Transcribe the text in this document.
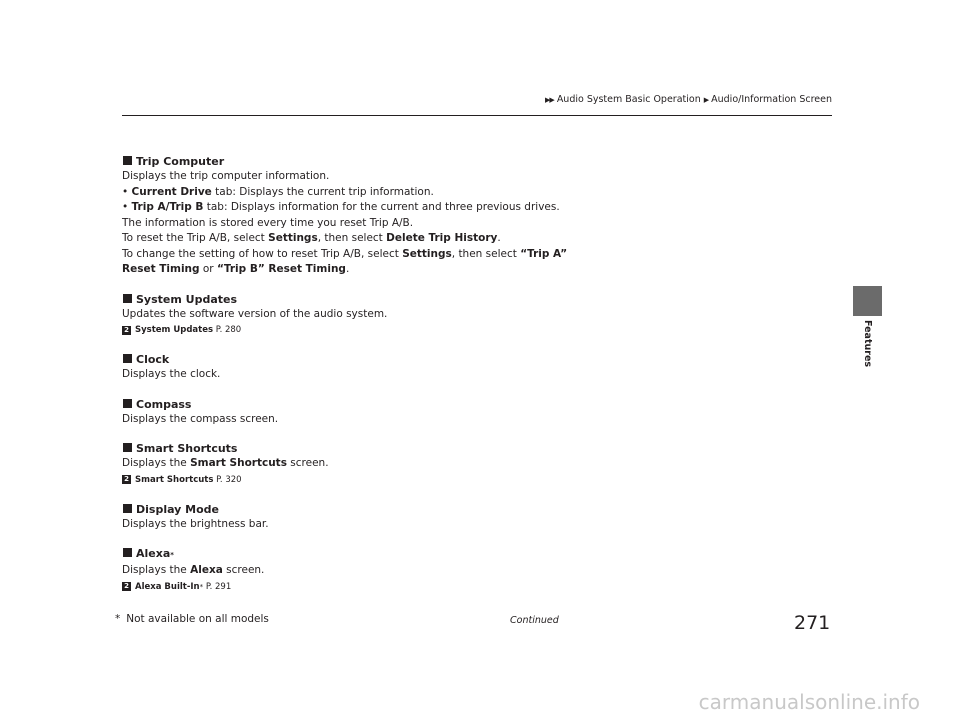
▶▶ Audio System Basic Operation ▶ Audio/Information Screen
Features
Trip Computer
Displays the trip computer information.
• Current Drive tab: Displays the current trip information.
• Trip A/Trip B tab: Displays information for the current and three previous drives.
The information is stored every time you reset Trip A/B.
To reset the Trip A/B, select Settings, then select Delete Trip History.
To change the setting of how to reset Trip A/B, select Settings, then select “Trip A”
Reset Timing or “Trip B” Reset Timing.
System Updates
Updates the software version of the audio system.
2 System Updates
P. 280
Clock
Displays the clock.
Compass
Displays the compass screen.
Smart Shortcuts
Displays the Smart Shortcuts screen.
2 Smart Shortcuts
P. 320
Display Mode
Displays the brightness bar.
Alexa *
Displays the Alexa screen.
2 Alexa Built-In *
P. 291
* Not available on all models	Continued	271
carmanualsonline.info
